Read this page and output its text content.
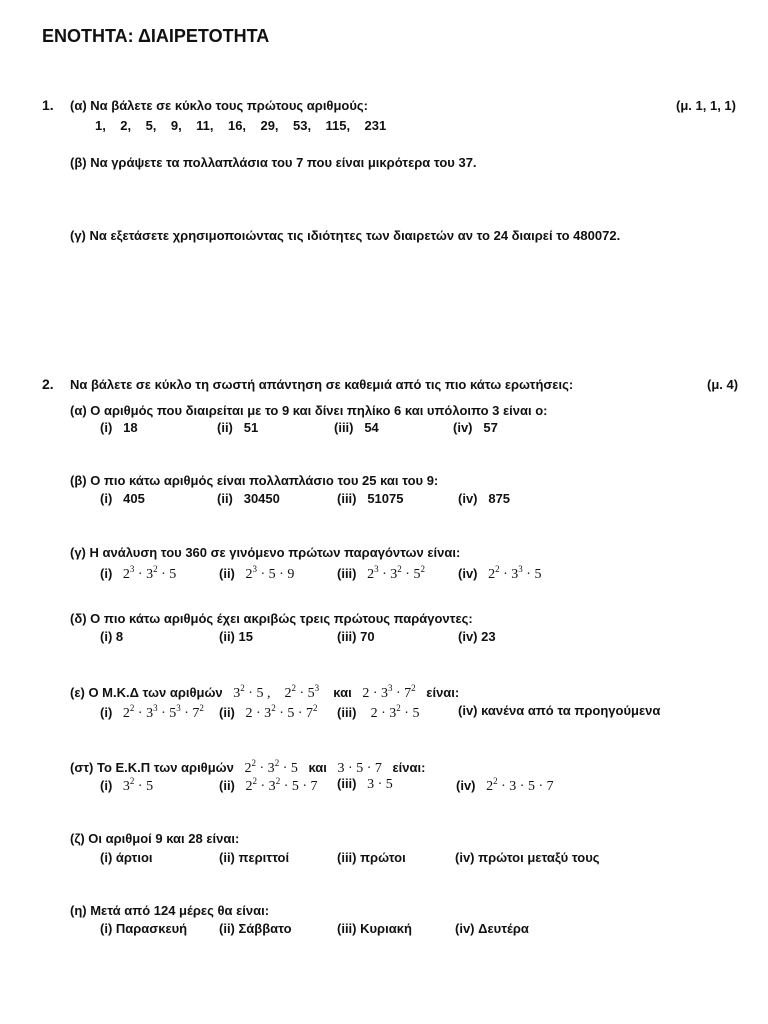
ΕΝΟΤΗΤΑ: ΔΙΑΙΡΕΤΟΤΗΤΑ
1. (α) Να βάλετε σε κύκλο τους πρώτους αριθμούς:	(μ. 1, 1, 1)
1,    2,    5,    9,    11,    16,    29,    53,    115,    231
(β) Να γράψετε τα πολλαπλάσια του 7 που είναι μικρότερα του 37.
(γ) Να εξετάσετε χρησιμοποιώντας τις ιδιότητες των διαιρετών αν το 24 διαιρεί το 480072.
2. Να βάλετε σε κύκλο τη σωστή απάντηση σε καθεμιά από τις πιο κάτω ερωτήσεις:	(μ. 4)
(α) Ο αριθμός που διαιρείται με το 9 και δίνει πηλίκο 6 και υπόλοιπο 3 είναι ο:
(i)   18	(ii)   51	(iii)   54	(iv)   57
(β) Ο πιο κάτω αριθμός είναι πολλαπλάσιο του 25 και του 9:
(i)   405	(ii)   30450	(iii)   51075	(iv)   875
(γ) Η ανάλυση του 360 σε γινόμενο πρώτων παραγόντων είναι:
(i)   $2^3 \cdot 3^2 \cdot 5$	(ii)   $2^3 \cdot 5 \cdot 9$	(iii)   $2^3 \cdot 3^2 \cdot 5^2$	(iv)   $2^2 \cdot 3^3 \cdot 5$
(δ) Ο πιο κάτω αριθμός έχει ακριβώς τρεις πρώτους παράγοντες:
(i) 8	(ii) 15	(iii) 70	(iv) 23
(ε) Ο Μ.Κ.Δ των αριθμών   $3^2 \cdot 5$ ,    $2^2 \cdot 5^3$ και   $2 \cdot 3^3 \cdot 7^2$ είναι:
(i)   $2^2 \cdot 3^3 \cdot 5^3 \cdot 7^2$ (ii)   $2 \cdot 3^2 \cdot 5 \cdot 7^2$ (iii)    $2 \cdot 3^2 \cdot 5$	(iv) κανένα από τα προηγούμενα
(στ) Το Ε.Κ.Π των αριθμών   $2^2 \cdot 3^2 \cdot 5$   και   3 · 5 · 7   είναι:
(i)   $3^2 \cdot 5$	(ii)   $2^2 \cdot 3^2 \cdot 5 \cdot 7$ (iii)   3 · 5	(iv)   $2^2 \cdot 3 \cdot 5 \cdot 7$
(ζ) Οι αριθμοί 9 και 28 είναι:
(i) άρτιοι	(ii) περιττοί	(iii) πρώτοι	(iv) πρώτοι μεταξύ τους
(η) Μετά από 124 μέρες θα είναι:
(i) Παρασκευή (ii) Σάββατο	(iii) Κυριακή	(iv) Δευτέρα
